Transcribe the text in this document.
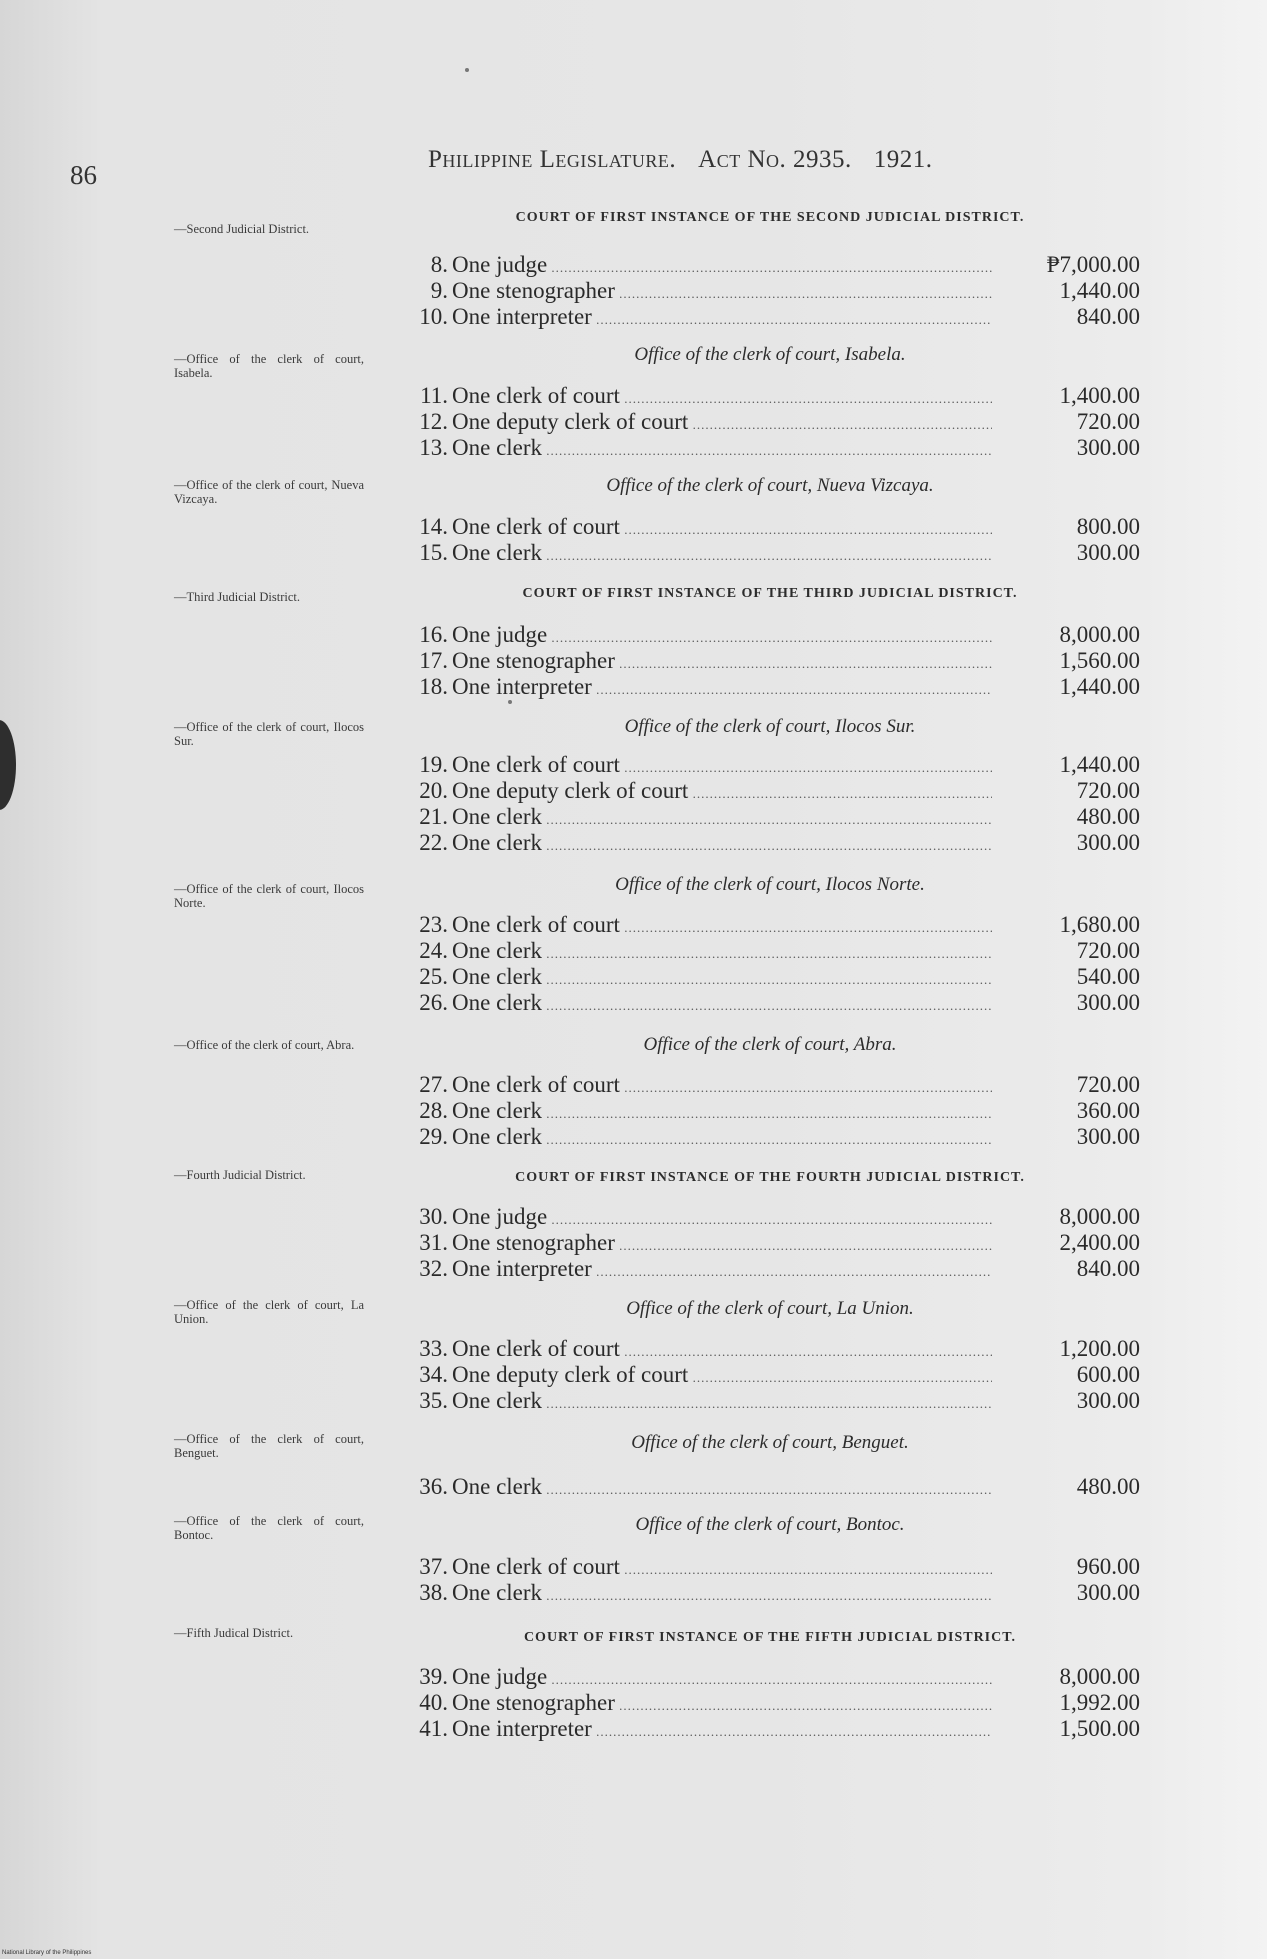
86
Philippine Legislature. Act No. 2935. 1921.
—Second Judicial District.
—Office of the clerk of court, Isabela.
—Office of the clerk of court, Nueva Vizcaya.
—Third Judicial District.
—Office of the clerk of court, Ilocos Sur.
—Office of the clerk of court, Ilocos Norte.
—Office of the clerk of court, Abra.
—Fourth Judicial District.
—Office of the clerk of court, La Union.
—Office of the clerk of court, Benguet.
—Office of the clerk of court, Bontoc.
—Fifth Judical District.
COURT OF FIRST INSTANCE OF THE SECOND JUDICIAL DISTRICT.
8. One judge .....	₱7,000.00
9. One stenographer .....	1,440.00
10. One interpreter .....	840.00
Office of the clerk of court, Isabela.
11. One clerk of court .....	1,400.00
12. One deputy clerk of court .....	720.00
13. One clerk .....	300.00
Office of the clerk of court, Nueva Vizcaya.
14. One clerk of court .....	800.00
15. One clerk .....	300.00
COURT OF FIRST INSTANCE OF THE THIRD JUDICIAL DISTRICT.
16. One judge .....	8,000.00
17. One stenographer .....	1,560.00
18. One interpreter .....	1,440.00
Office of the clerk of court, Ilocos Sur.
19. One clerk of court .....	1,440.00
20. One deputy clerk of court .....	720.00
21. One clerk .....	480.00
22. One clerk .....	300.00
Office of the clerk of court, Ilocos Norte.
23. One clerk of court .....	1,680.00
24. One clerk .....	720.00
25. One clerk .....	540.00
26. One clerk .....	300.00
Office of the clerk of court, Abra.
27. One clerk of court .....	720.00
28. One clerk .....	360.00
29. One clerk .....	300.00
COURT OF FIRST INSTANCE OF THE FOURTH JUDICIAL DISTRICT.
30. One judge .....	8,000.00
31. One stenographer .....	2,400.00
32. One interpreter .....	840.00
Office of the clerk of court, La Union.
33. One clerk of court .....	1,200.00
34. One deputy clerk of court .....	600.00
35. One clerk .....	300.00
Office of the clerk of court, Benguet.
36. One clerk .....	480.00
Office of the clerk of court, Bontoc.
37. One clerk of court .....	960.00
38. One clerk .....	300.00
COURT OF FIRST INSTANCE OF THE FIFTH JUDICIAL DISTRICT.
39. One judge .....	8,000.00
40. One stenographer .....	1,992.00
41. One interpreter .....	1,500.00
National Library of the Philippines
